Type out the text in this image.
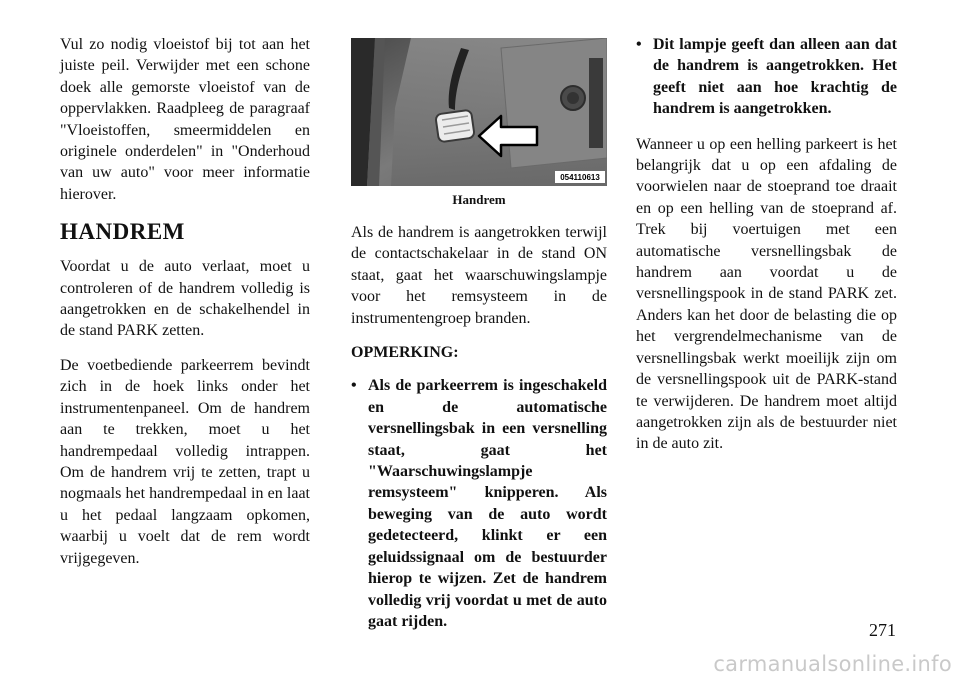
Vul zo nodig vloeistof bij tot aan het juiste peil. Verwijder met een schone doek alle gemorste vloeistof van de oppervlakken. Raadpleeg de paragraaf "Vloeistoffen, smeermiddelen en originele onderdelen" in "Onderhoud van uw auto" voor meer informatie hierover.

HANDREM

Voordat u de auto verlaat, moet u controleren of de handrem volledig is aangetrokken en de schakelhendel in de stand PARK zetten.

De voetbediende parkeerrem bevindt zich in de hoek links onder het instrumentenpaneel. Om de handrem aan te trekken, moet u het handrempedaal volledig intrappen. Om de handrem vrij te zetten, trapt u nogmaals het handrempedaal in en laat u het pedaal langzaam opkomen, waarbij u voelt dat de rem wordt vrijgegeven.

054110613
Handrem

Als de handrem is aangetrokken terwijl de contactschakelaar in de stand ON staat, gaat het waarschuwingslampje voor het remsysteem in de instrumentengroep branden.

OPMERKING:
• Als de parkeerrem is ingeschakeld en de automatische versnellingsbak in een versnelling staat, gaat het "Waarschuwingslampje remsysteem" knipperen. Als beweging van de auto wordt gedetecteerd, klinkt er een geluidssignaal om de bestuurder hierop te wijzen. Zet de handrem volledig vrij voordat u met de auto gaat rijden.
• Dit lampje geeft dan alleen aan dat de handrem is aangetrokken. Het geeft niet aan hoe krachtig de handrem is aangetrokken.

Wanneer u op een helling parkeert is het belangrijk dat u op een afdaling de voorwielen naar de stoeprand toe draait en op een helling van de stoeprand af. Trek bij voertuigen met een automatische versnellingsbak de handrem aan voordat u de versnellingspook in de stand PARK zet. Anders kan het door de belasting die op het vergrendelmechanisme van de versnellingsbak werkt moeilijk zijn om de versnellingspook uit de PARK-stand te verwijderen. De handrem moet altijd aangetrokken zijn als de bestuurder niet in de auto zit.

271
carmanualsonline.info
